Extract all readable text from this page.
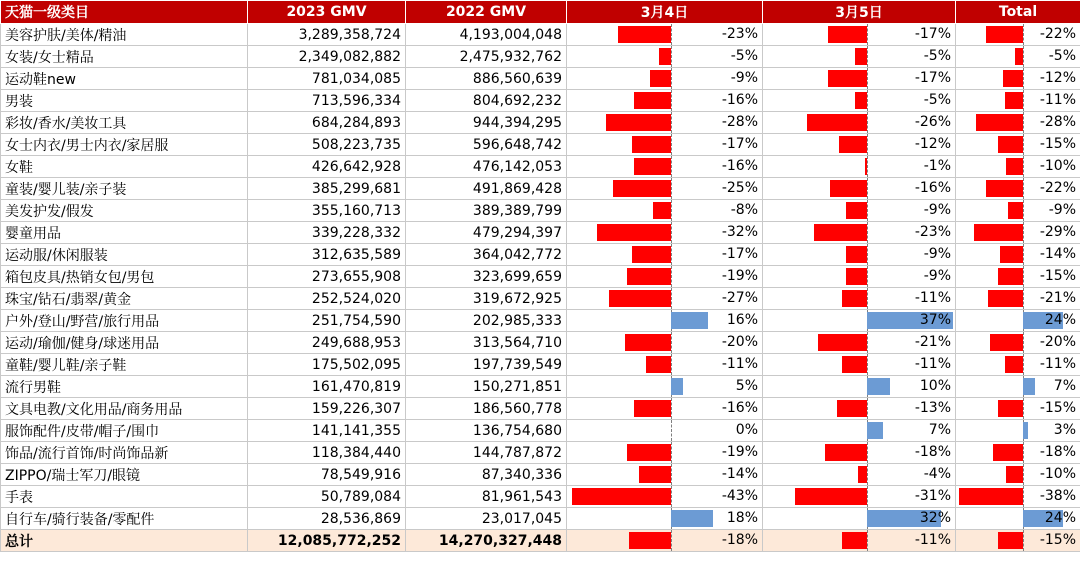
天猫一级类目	2023 GMV	2022 GMV	3月4日	3月5日	Total
美容护肤/美体/精油	3,289,358,724	4,193,004,048	-23%	-17%	-22%

女装/女士精品	2,349,082,882	2,475,932,762	-5%	-5%	-5%

运动鞋new	781,034,085	886,560,639	-9%	-17%	-12%

男装	713,596,334	804,692,232	-16%	-5%	-11%

彩妆/香水/美妆工具	684,284,893	944,394,295	-28%	-26%	-28%

女士内衣/男士内衣/家居服	508,223,735	596,648,742	-17%	-12%	-15%

女鞋	426,642,928	476,142,053	-16%	-1%	-10%

童装/婴儿装/亲子装	385,299,681	491,869,428	-25%	-16%	-22%

美发护发/假发	355,160,713	389,389,799	-8%	-9%	-9%

婴童用品	339,228,332	479,294,397	-32%	-23%	-29%

运动服/休闲服装	312,635,589	364,042,772	-17%	-9%	-14%

箱包皮具/热销女包/男包	273,655,908	323,699,659	-19%	-9%	-15%

珠宝/钻石/翡翠/黄金	252,524,020	319,672,925	-27%	-11%	-21%

户外/登山/野营/旅行用品	251,754,590	202,985,333	16%	37%	24%

运动/瑜伽/健身/球迷用品	249,688,953	313,564,710	-20%	-21%	-20%

童鞋/婴儿鞋/亲子鞋	175,502,095	197,739,549	-11%	-11%	-11%

流行男鞋	161,470,819	150,271,851	5%	10%	7%

文具电教/文化用品/商务用品	159,226,307	186,560,778	-16%	-13%	-15%

服饰配件/皮带/帽子/围巾	141,141,355	136,754,680	0%	7%	3%

饰品/流行首饰/时尚饰品新	118,384,440	144,787,872	-19%	-18%	-18%

ZIPPO/瑞士军刀/眼镜	78,549,916	87,340,336	-14%	-4%	-10%

手表	50,789,084	81,961,543	-43%	-31%	-38%

自行车/骑行装备/零配件	28,536,869	23,017,045	18%	32%	24%

总计	12,085,772,252	14,270,327,448	-18%	-11%	-15%
